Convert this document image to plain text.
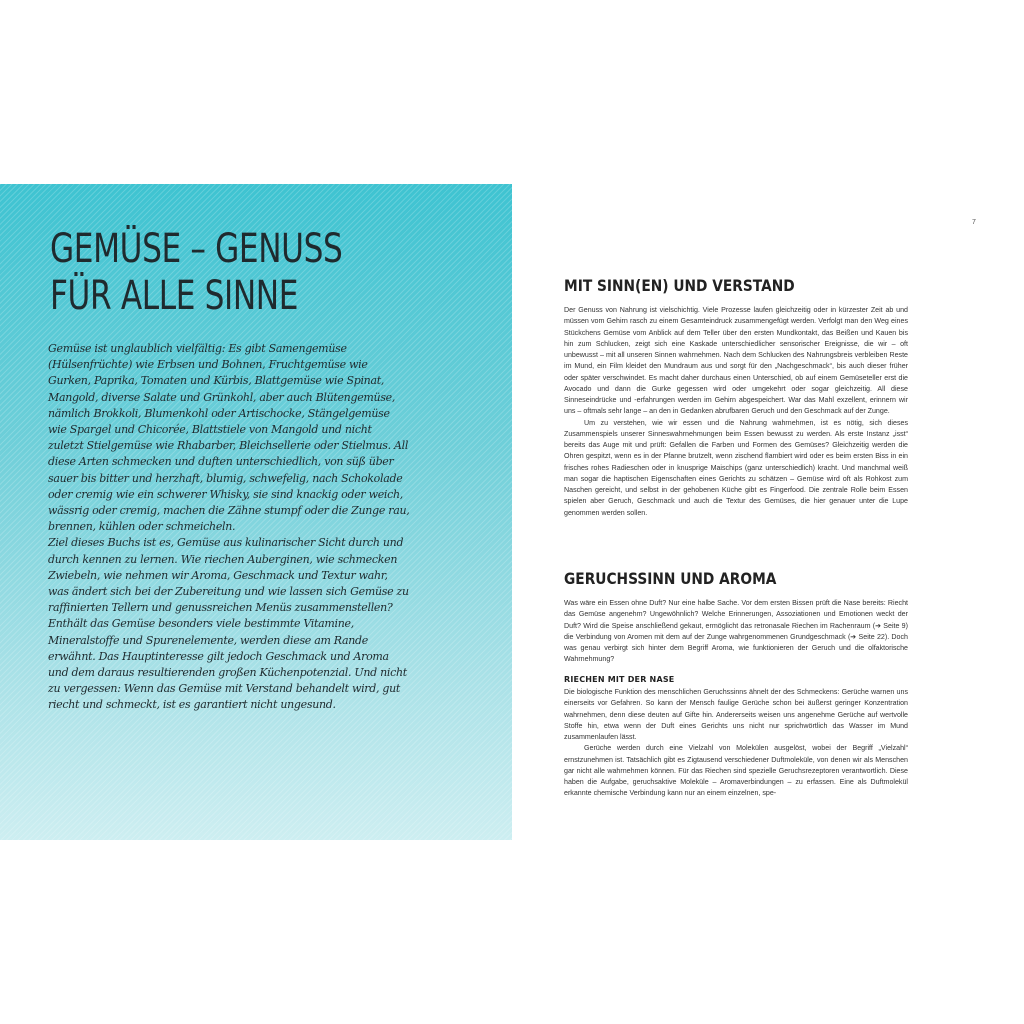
GEMÜSE – GENUSS
FÜR ALLE SINNE

Gemüse ist unglaublich vielfältig: Es gibt Samengemüse (Hülsenfrüchte) wie Erbsen und Bohnen, Fruchtgemüse wie Gurken, Paprika, Tomaten und Kürbis, Blattgemüse wie Spinat, Mangold, diverse Salate und Grünkohl, aber auch Blütengemüse, nämlich Brokkoli, Blumenkohl oder Artischocke, Stängelgemüse wie Spargel und Chicorée, Blattstiele von Mangold und nicht zuletzt Stielgemüse wie Rhabarber, Bleichsellerie oder Stielmus. All diese Arten schmecken und duften unterschiedlich, von süß über sauer bis bitter und herzhaft, blumig, schwefelig, nach Schokolade oder cremig wie ein schwerer Whisky, sie sind knackig oder weich, wässrig oder cremig, machen die Zähne stumpf oder die Zunge rau, brennen, kühlen oder schmeicheln.

Ziel dieses Buchs ist es, Gemüse aus kulinarischer Sicht durch und durch kennen zu lernen. Wie riechen Auberginen, wie schmecken Zwiebeln, wie nehmen wir Aroma, Geschmack und Textur wahr, was ändert sich bei der Zubereitung und wie lassen sich Gemüse zu raffinierten Tellern und genussreichen Menüs zusammenstellen? Enthält das Gemüse besonders viele bestimmte Vitamine, Mineralstoffe und Spurenelemente, werden diese am Rande erwähnt. Das Hauptinteresse gilt jedoch Geschmack und Aroma und dem daraus resultierenden großen Küchenpotenzial. Und nicht zu vergessen: Wenn das Gemüse mit Verstand behandelt wird, gut riecht und schmeckt, ist es garantiert nicht ungesund.

7
MIT SINN(EN) UND VERSTAND

Der Genuss von Nahrung ist vielschichtig. Viele Prozesse laufen gleichzeitig oder in kürzester Zeit ab und müssen vom Gehirn rasch zu einem Gesamteindruck zusammengefügt werden. Verfolgt man den Weg eines Stückchens Gemüse vom Anblick auf dem Teller über den ersten Mundkontakt, das Beißen und Kauen bis hin zum Schlucken, zeigt sich eine Kaskade unterschiedlicher sensorischer Ereignisse, die wir – oft unbewusst – mit all unseren Sinnen wahrnehmen. Nach dem Schlucken des Nahrungsbreis verbleiben Reste im Mund, ein Film kleidet den Mundraum aus und sorgt für den „Nachgeschmack“, bis auch dieser früher oder später verschwindet. Es macht daher durchaus einen Unterschied, ob auf einem Gemüseteller erst die Avocado und dann die Gurke gegessen wird oder umgekehrt oder sogar gleichzeitig. All diese Sinneseindrücke und -erfahrungen werden im Gehirn abgespeichert. War das Mahl exzellent, erinnern wir uns – oftmals sehr lange – an den in Gedanken abrufbaren Geruch und den Geschmack auf der Zunge.

Um zu verstehen, wie wir essen und die Nahrung wahrnehmen, ist es nötig, sich dieses Zusammenspiels unserer Sinneswahrnehmungen beim Essen bewusst zu werden. Als erste Instanz „isst“ bereits das Auge mit und prüft: Gefallen die Farben und Formen des Gemüses? Gleichzeitig werden die Ohren gespitzt, wenn es in der Pfanne brutzelt, wenn zischend flambiert wird oder es beim ersten Biss in ein frisches rohes Radieschen oder in knusprige Maischips (ganz unterschiedlich) kracht. Und manchmal weiß man sogar die haptischen Eigenschaften eines Gerichts zu schätzen – Gemüse wird oft als Rohkost zum Naschen gereicht, und selbst in der gehobenen Küche gibt es Fingerfood. Die zentrale Rolle beim Essen spielen aber Geruch, Geschmack und auch die Textur des Gemüses, die hier genauer unter die Lupe genommen werden sollen.

GERUCHSSINN UND AROMA

Was wäre ein Essen ohne Duft? Nur eine halbe Sache. Vor dem ersten Bissen prüft die Nase bereits: Riecht das Gemüse angenehm? Ungewöhnlich? Welche Erinnerungen, Assoziationen und Emotionen weckt der Duft? Wird die Speise anschließend gekaut, ermöglicht das retronasale Riechen im Rachenraum (➔ Seite 9) die Verbindung von Aromen mit dem auf der Zunge wahrgenommenen Grundgeschmack (➔ Seite 22). Doch was genau verbirgt sich hinter dem Begriff Aroma, wie funktionieren der Geruch und die olfaktorische Wahrnehmung?

RIECHEN MIT DER NASE

Die biologische Funktion des menschlichen Geruchssinns ähnelt der des Schmeckens: Gerüche warnen uns einerseits vor Gefahren. So kann der Mensch faulige Gerüche schon bei äußerst geringer Konzentration wahrnehmen, denn diese deuten auf Gifte hin. Andererseits weisen uns angenehme Gerüche auf wertvolle Stoffe hin, etwa wenn der Duft eines Gerichts uns nicht nur sprichwörtlich das Wasser im Mund zusammenlaufen lässt.

Gerüche werden durch eine Vielzahl von Molekülen ausgelöst, wobei der Begriff „Vielzahl“ ernstzunehmen ist. Tatsächlich gibt es Zigtausend verschiedener Duftmoleküle, von denen wir als Menschen gar nicht alle wahrnehmen können. Für das Riechen sind spezielle Geruchsrezeptoren verantwortlich. Diese haben die Aufgabe, geruchsaktive Moleküle – Aromaverbindungen – zu erfassen. Eine als Duftmolekül erkannte chemische Verbindung kann nur an einem einzelnen, spe-
